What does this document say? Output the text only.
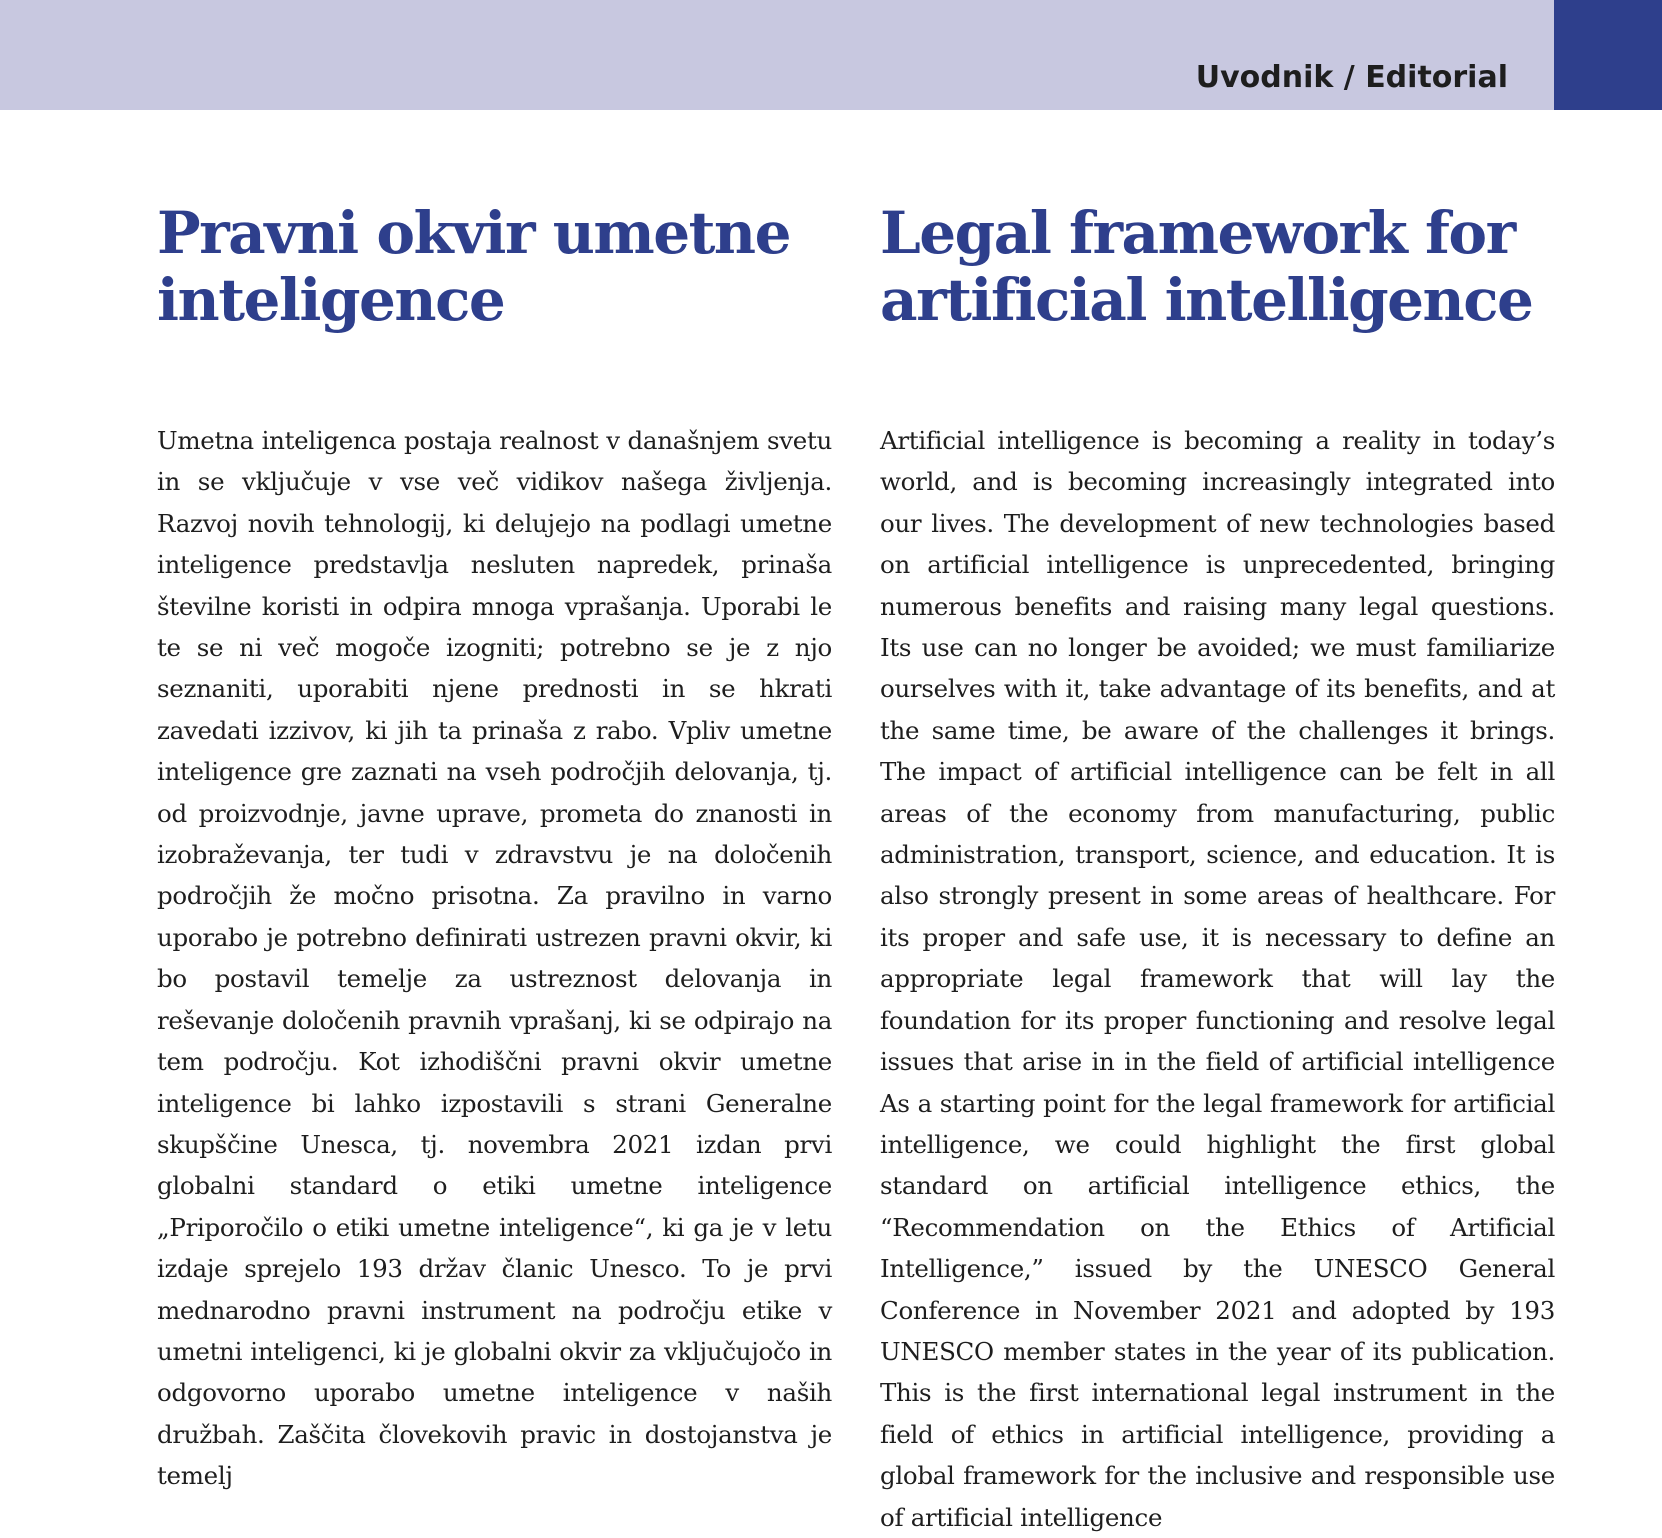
Uvodnik / Editorial
Pravni okvir umetne inteligence

Umetna inteligenca postaja realnost v današnjem svetu in se vključuje v vse več vidikov našega življenja. Razvoj novih tehnologij, ki delujejo na podlagi umetne inteligence predstavlja nesluten napredek, prinaša številne koristi in odpira mnoga vprašanja. Uporabi le te se ni več mogoče izogniti; potrebno se je z njo seznaniti, uporabiti njene prednosti in se hkrati zavedati izzivov, ki jih ta prinaša z rabo. Vpliv umetne inteligence gre zaznati na vseh področjih delovanja, tj. od proizvodnje, javne uprave, prometa do znanosti in izobraževanja, ter tudi v zdravstvu je na določenih področjih že močno prisotna. Za pravilno in varno uporabo je potrebno definirati ustrezen pravni okvir, ki bo postavil temelje za ustreznost delovanja in reševanje določenih pravnih vprašanj, ki se odpirajo na tem področju. Kot izhodiščni pravni okvir umetne inteligence bi lahko izpostavili s strani Generalne skupščine Unesca, tj. novembra 2021 izdan prvi globalni standard o etiki umetne inteligence „Priporočilo o etiki umetne inteligence“, ki ga je v letu izdaje sprejelo 193 držav članic Unesco. To je prvi mednarodno pravni instrument na področju etike v umetni inteligenci, ki je globalni okvir za vključujočo in odgovorno uporabo umetne inteligence v naših družbah. Zaščita človekovih pravic in dostojanstva je temelj

Legal framework for artificial intelligence

Artificial intelligence is becoming a reality in today’s world, and is becoming increasingly integrated into our lives. The development of new technologies based on artificial intelligence is unprecedented, bringing numerous benefits and raising many legal questions. Its use can no longer be avoided; we must familiarize ourselves with it, take advantage of its benefits, and at the same time, be aware of the challenges it brings. The impact of artificial intelligence can be felt in all areas of the economy from manufacturing, public administration, transport, science, and education. It is also strongly present in some areas of healthcare. For its proper and safe use, it is necessary to define an appropriate legal framework that will lay the foundation for its proper functioning and resolve legal issues that arise in in the field of artificial intelligence As a starting point for the legal framework for artificial intelligence, we could highlight the first global standard on artificial intelligence ethics, the “Recommendation on the Ethics of Artificial Intelligence,” issued by the UNESCO General Conference in November 2021 and adopted by 193 UNESCO member states in the year of its publication. This is the first international legal instrument in the field of ethics in artificial intelligence, providing a global framework for the inclusive and responsible use of artificial intelligence
